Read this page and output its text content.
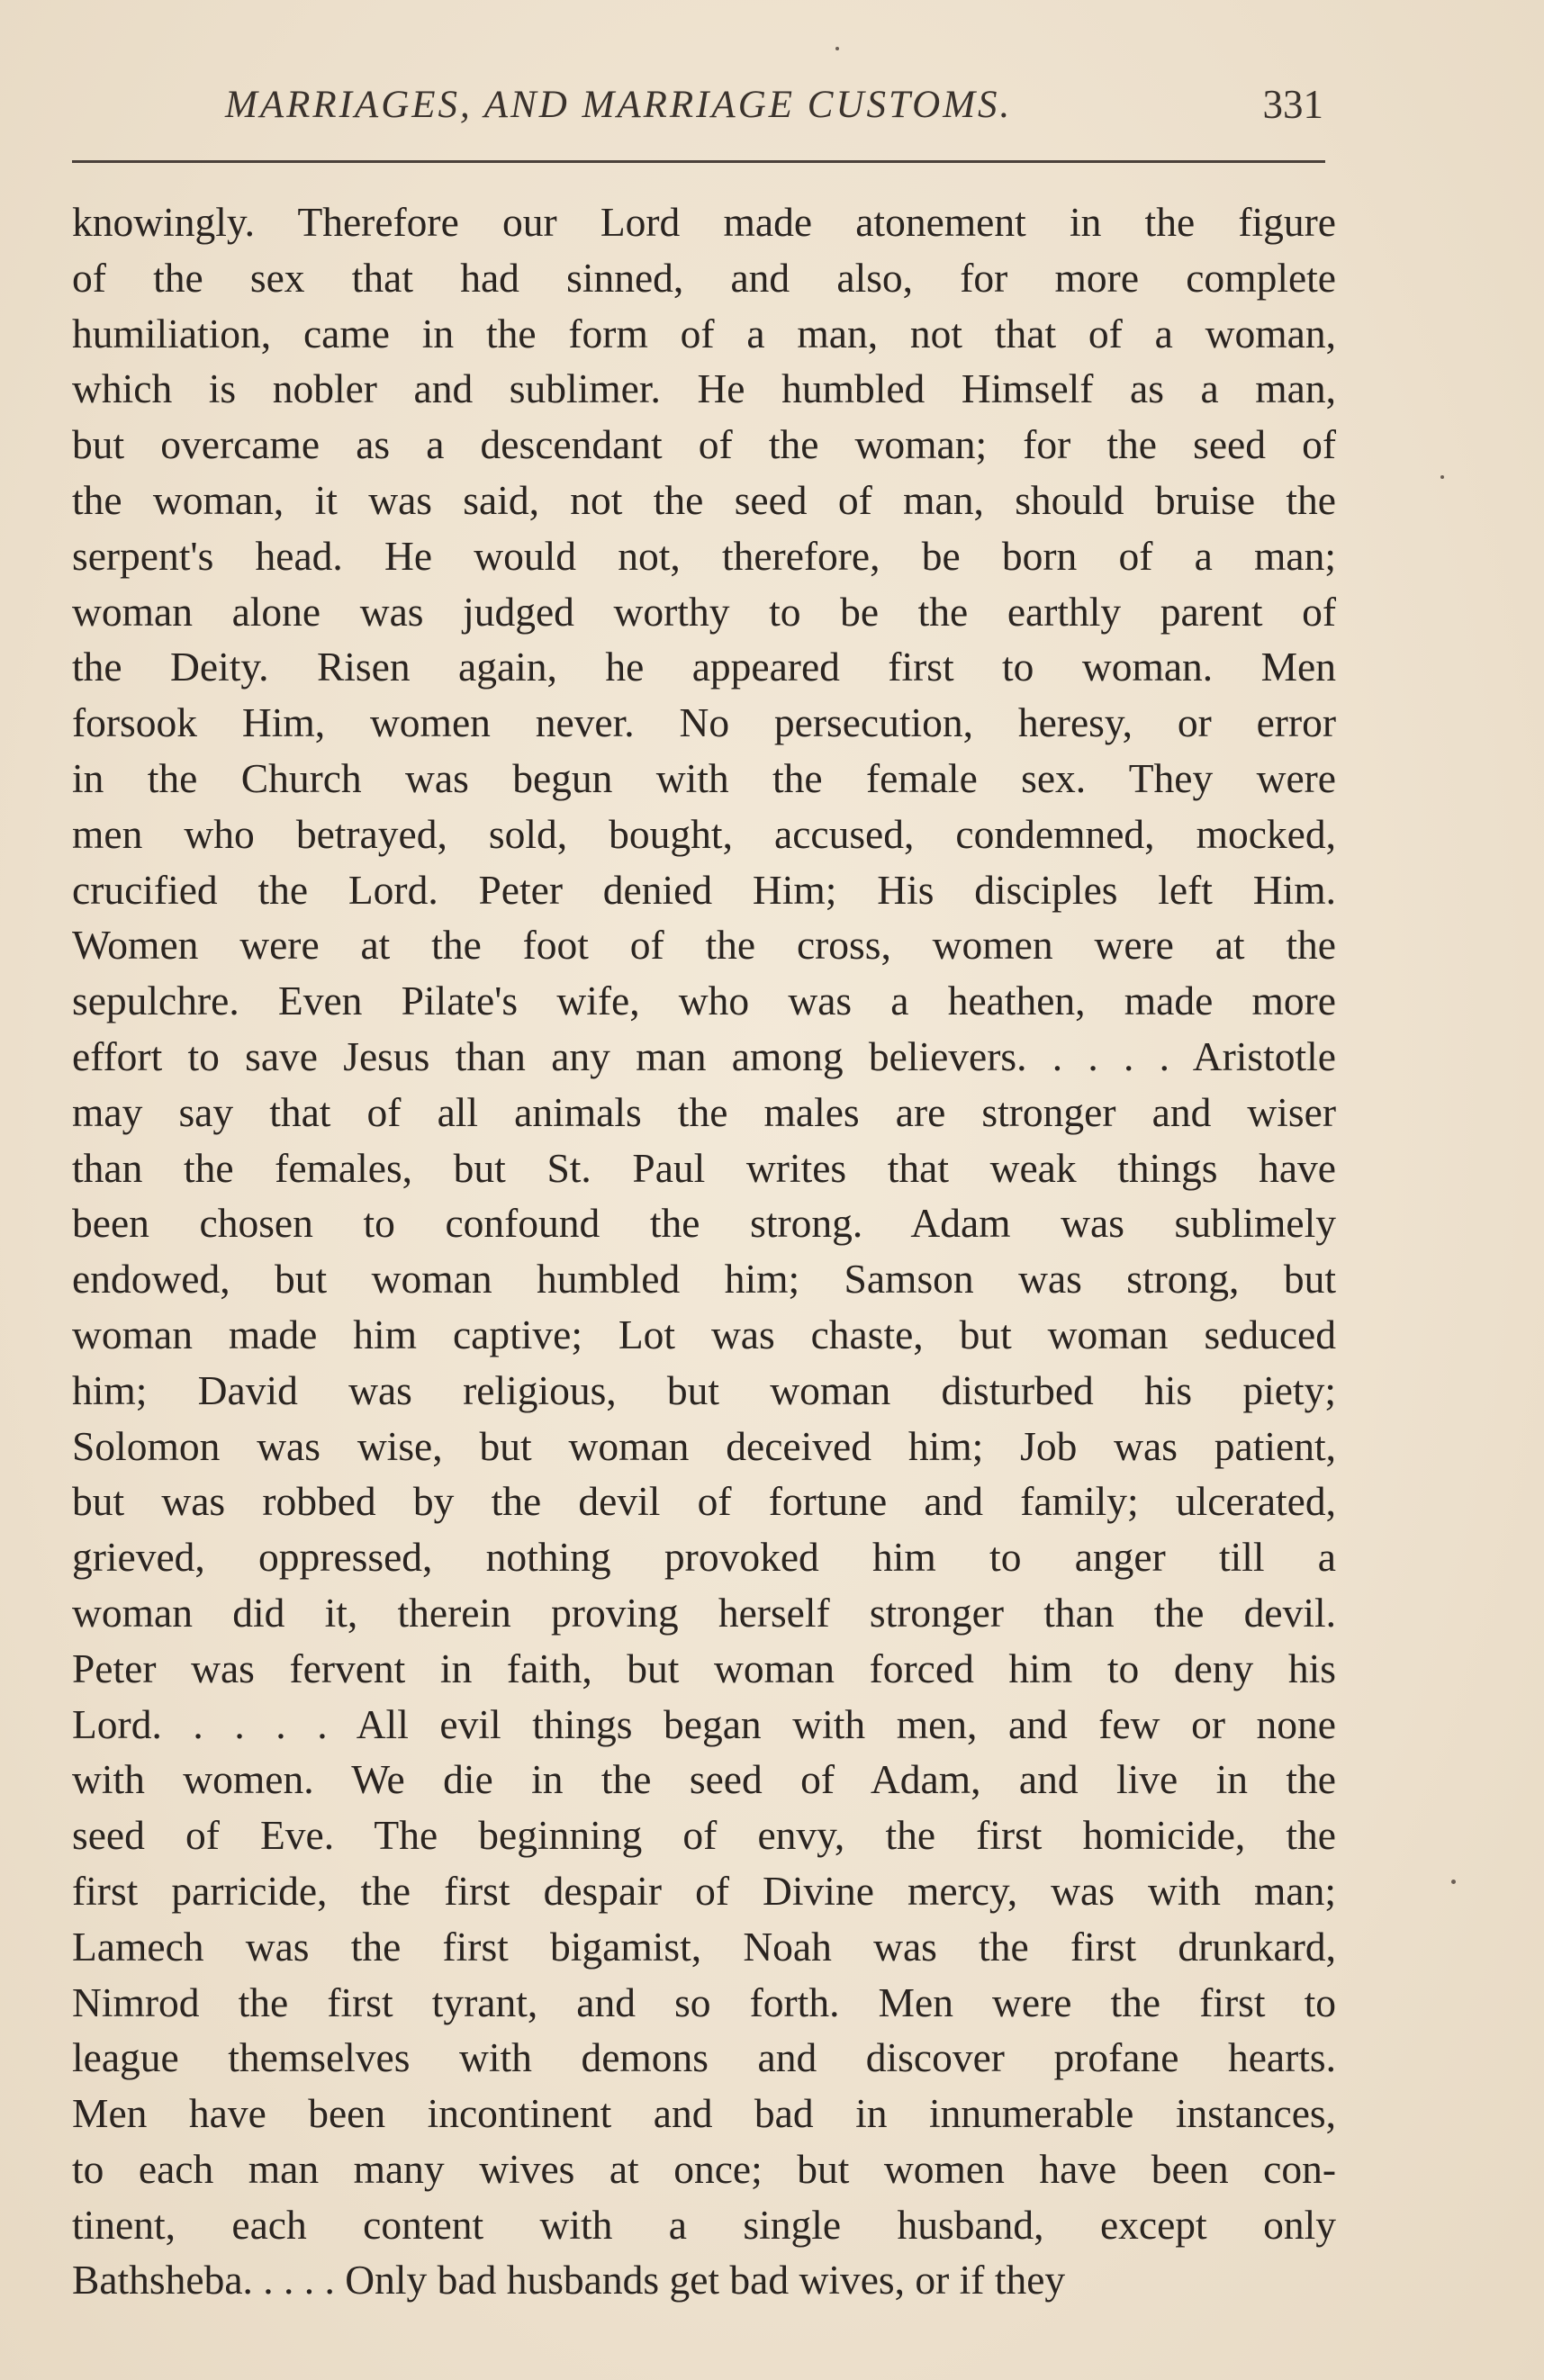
MARRIAGES, AND MARRIAGE CUSTOMS.	331
knowingly. Therefore our Lord made atonement in the figure
of the sex that had sinned, and also, for more complete
humiliation, came in the form of a man, not that of a woman,
which is nobler and sublimer. He humbled Himself as a man,
but overcame as a descendant of the woman; for the seed of
the woman, it was said, not the seed of man, should bruise the
serpent's head. He would not, therefore, be born of a man;
woman alone was judged worthy to be the earthly parent of
the Deity. Risen again, he appeared first to woman. Men
forsook Him, women never. No persecution, heresy, or error
in the Church was begun with the female sex. They were
men who betrayed, sold, bought, accused, condemned, mocked,
crucified the Lord. Peter denied Him; His disciples left Him.
Women were at the foot of the cross, women were at the
sepulchre. Even Pilate's wife, who was a heathen, made more
effort to save Jesus than any man among believers. . . . . Aristotle
may say that of all animals the males are stronger and wiser
than the females, but St. Paul writes that weak things have
been chosen to confound the strong. Adam was sublimely
endowed, but woman humbled him; Samson was strong, but
woman made him captive; Lot was chaste, but woman seduced
him; David was religious, but woman disturbed his piety;
Solomon was wise, but woman deceived him; Job was patient,
but was robbed by the devil of fortune and family; ulcerated,
grieved, oppressed, nothing provoked him to anger till a
woman did it, therein proving herself stronger than the devil.
Peter was fervent in faith, but woman forced him to deny his
Lord. . . . . All evil things began with men, and few or none
with women. We die in the seed of Adam, and live in the
seed of Eve. The beginning of envy, the first homicide, the
first parricide, the first despair of Divine mercy, was with man;
Lamech was the first bigamist, Noah was the first drunkard,
Nimrod the first tyrant, and so forth. Men were the first to
league themselves with demons and discover profane hearts.
Men have been incontinent and bad in innumerable instances,
to each man many wives at once; but women have been con-
tinent, each content with a single husband, except only
Bathsheba. . . . . Only bad husbands get bad wives, or if they
